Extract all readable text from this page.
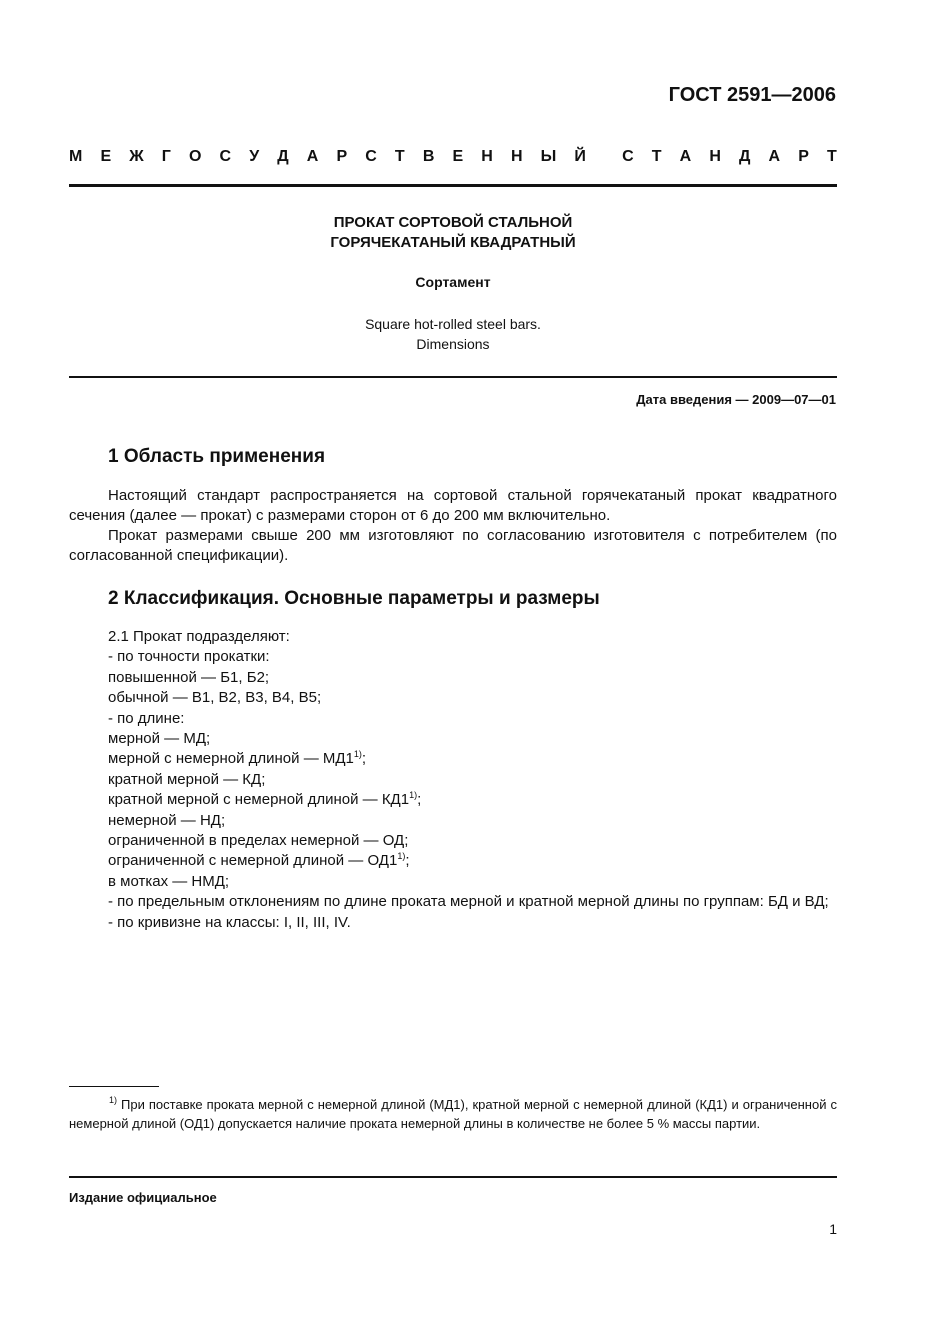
ГОСТ 2591—2006
М Е Ж Г О С У Д А Р С Т В Е Н Н Ы Й С Т А Н Д А Р Т
ПРОКАТ СОРТОВОЙ СТАЛЬНОЙ
ГОРЯЧЕКАТАНЫЙ КВАДРАТНЫЙ
Сортамент
Square hot-rolled steel bars.
Dimensions
Дата введения — 2009—07—01
1 Область применения

Настоящий стандарт распространяется на сортовой стальной горячекатаный прокат квадратного сечения (далее — прокат) с размерами сторон от 6 до 200 мм включительно.

Прокат размерами свыше 200 мм изготовляют по согласованию изготовителя с потребителем (по согласованной спецификации).

2 Классификация. Основные параметры и размеры
2.1 Прокат подразделяют:
- по точности прокатки:
повышенной — Б1, Б2;
обычной — В1, В2, В3, В4, В5;
- по длине:
мерной — МД;
мерной с немерной длиной — МД1$^{1)}$;
кратной мерной — КД;
кратной мерной с немерной длиной — КД1$^{1)}$;
немерной — НД;
ограниченной в пределах немерной — ОД;
ограниченной с немерной длиной — ОД1$^{1)}$;
в мотках — НМД;
- по предельным отклонениям по длине проката мерной и кратной мерной длины по группам: БД и ВД;
- по кривизне на классы: I, II, III, IV.

$^{1)}$ При поставке проката мерной с немерной длиной (МД1), кратной мерной с немерной длиной (КД1) и ограниченной с немерной длиной (ОД1) допускается наличие проката немерной длины в количестве не более 5 % массы партии.

Издание официальное
1
